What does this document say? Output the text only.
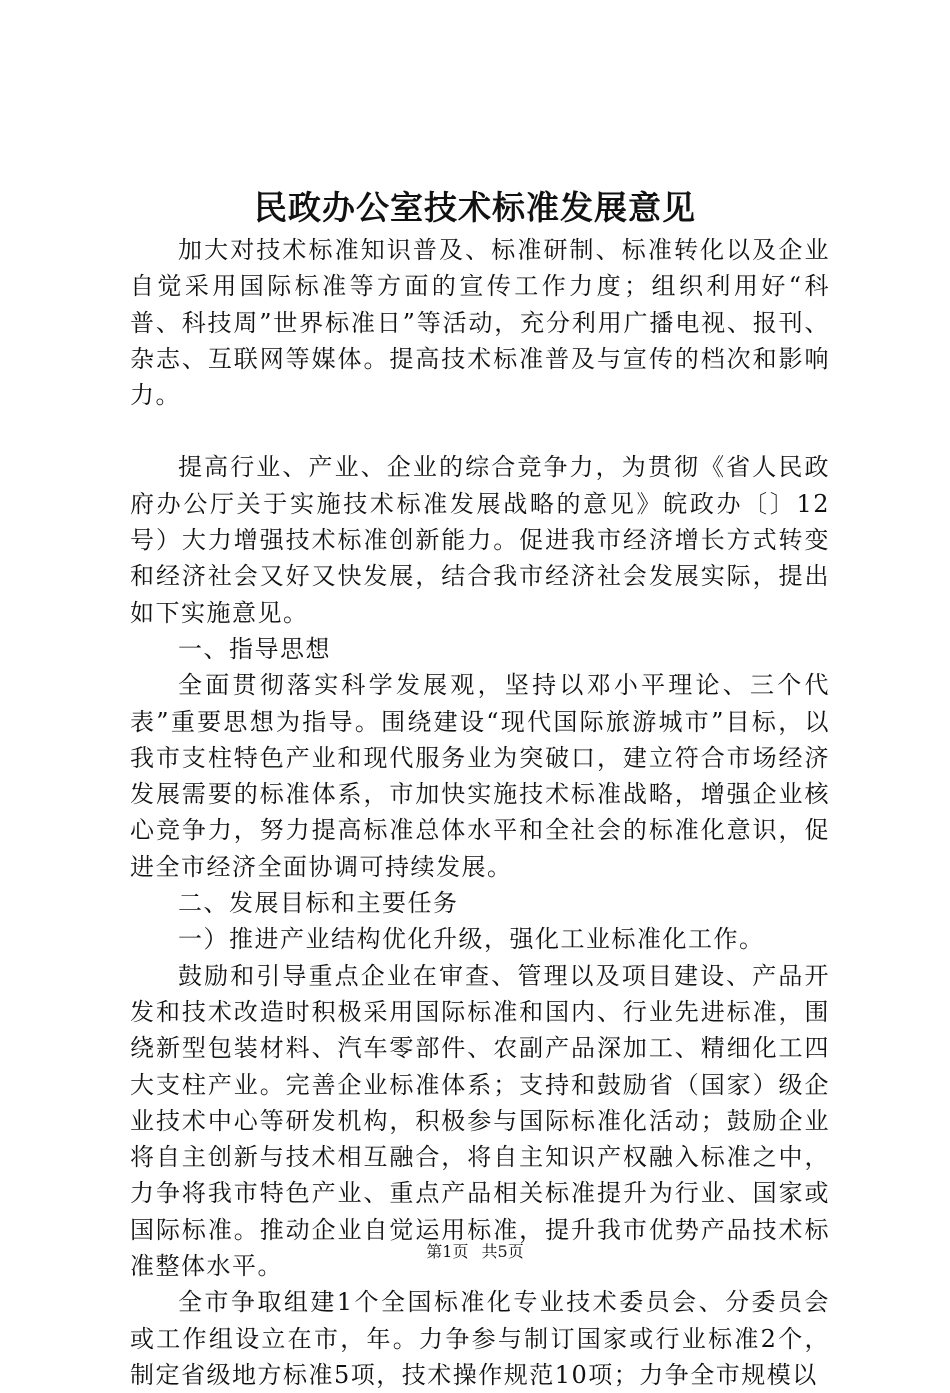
民政办公室技术标准发展意见

加大对技术标准知识普及、标准研制、标准转化以及企业自觉采用国际标准等方面的宣传工作力度；组织利用好“科普、科技周”世界标准日”等活动，充分利用广播电视、报刊、杂志、互联网等媒体。提高技术标准普及与宣传的档次和影响力。

提高行业、产业、企业的综合竞争力，为贯彻《省人民政府办公厅关于实施技术标准发展战略的意见》皖政办〔〕12号）大力增强技术标准创新能力。促进我市经济增长方式转变和经济社会又好又快发展，结合我市经济社会发展实际，提出如下实施意见。

一、指导思想

全面贯彻落实科学发展观，坚持以邓小平理论、三个代表”重要思想为指导。围绕建设“现代国际旅游城市”目标，以我市支柱特色产业和现代服务业为突破口，建立符合市场经济发展需要的标准体系，市加快实施技术标准战略，增强企业核心竞争力，努力提高标准总体水平和全社会的标准化意识，促进全市经济全面协调可持续发展。

二、发展目标和主要任务

一）推进产业结构优化升级，强化工业标准化工作。

鼓励和引导重点企业在审查、管理以及项目建设、产品开发和技术改造时积极采用国际标准和国内、行业先进标准，围绕新型包装材料、汽车零部件、农副产品深加工、精细化工四大支柱产业。完善企业标准体系；支持和鼓励省（国家）级企业技术中心等研发机构，积极参与国际标准化活动；鼓励企业将自主创新与技术相互融合，将自主知识产权融入标准之中，力争将我市特色产业、重点产品相关标准提升为行业、国家或国际标准。推动企业自觉运用标准，提升我市优势产品技术标准整体水平。

全市争取组建1个全国标准化专业技术委员会、分委员会或工作组设立在市，年。力争参与制订国家或行业标准2个，制定省级地方标准5项，技术操作规范10项；力争全市规模以

第1页 共5页
